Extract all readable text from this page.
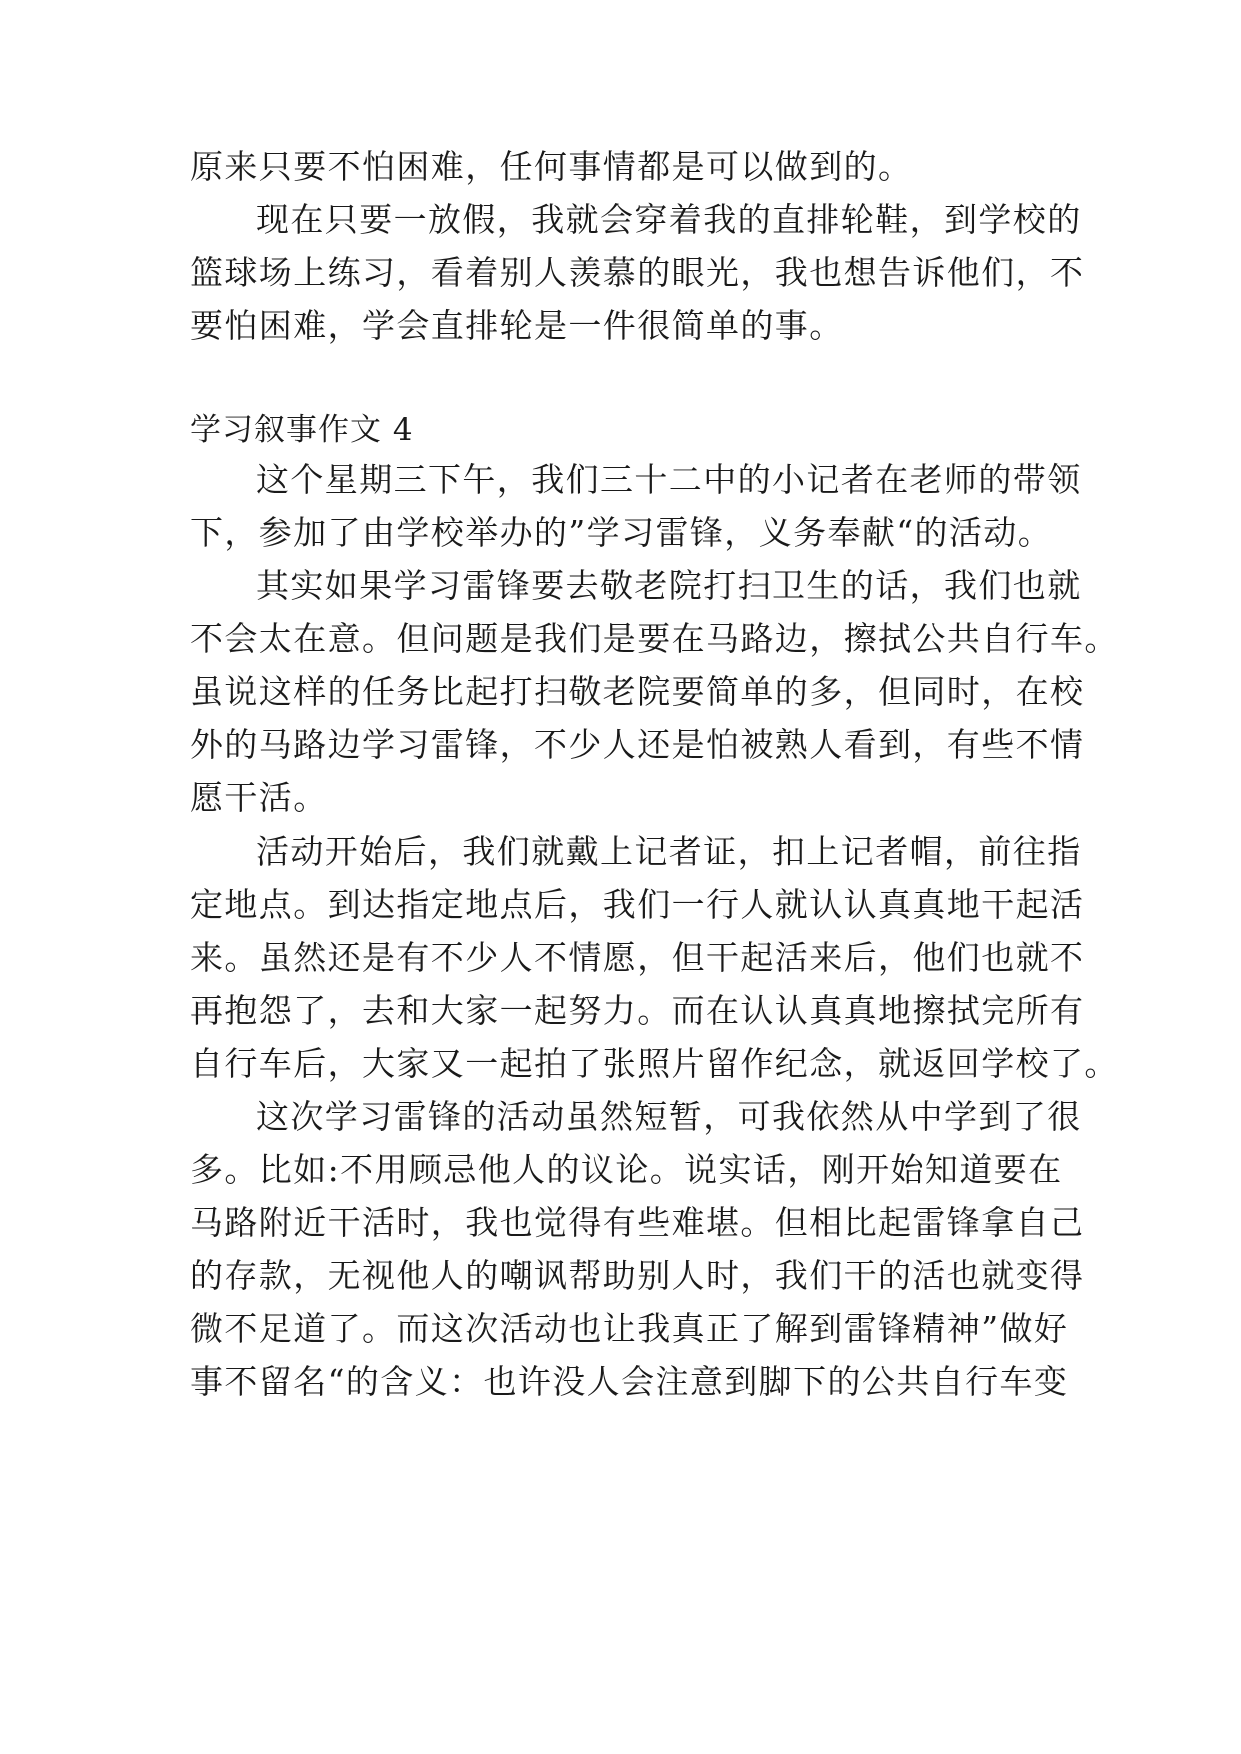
原来只要不怕困难，任何事情都是可以做到的。
现在只要一放假，我就会穿着我的直排轮鞋，到学校的
篮球场上练习，看着别人羡慕的眼光，我也想告诉他们，不
要怕困难，学会直排轮是一件很简单的事。
学习叙事作文 4
这个星期三下午，我们三十二中的小记者在老师的带领
下，参加了由学校举办的”学习雷锋，义务奉献“的活动。
其实如果学习雷锋要去敬老院打扫卫生的话，我们也就
不会太在意。但问题是我们是要在马路边，擦拭公共自行车。
虽说这样的任务比起打扫敬老院要简单的多，但同时，在校
外的马路边学习雷锋，不少人还是怕被熟人看到，有些不情
愿干活。
活动开始后，我们就戴上记者证，扣上记者帽，前往指
定地点。到达指定地点后，我们一行人就认认真真地干起活
来。虽然还是有不少人不情愿，但干起活来后，他们也就不
再抱怨了，去和大家一起努力。而在认认真真地擦拭完所有
自行车后，大家又一起拍了张照片留作纪念，就返回学校了。
这次学习雷锋的活动虽然短暂，可我依然从中学到了很
多。比如:不用顾忌他人的议论。说实话，刚开始知道要在
马路附近干活时，我也觉得有些难堪。但相比起雷锋拿自己
的存款，无视他人的嘲讽帮助别人时，我们干的活也就变得
微不足道了。而这次活动也让我真正了解到雷锋精神”做好
事不留名“的含义：也许没人会注意到脚下的公共自行车变
